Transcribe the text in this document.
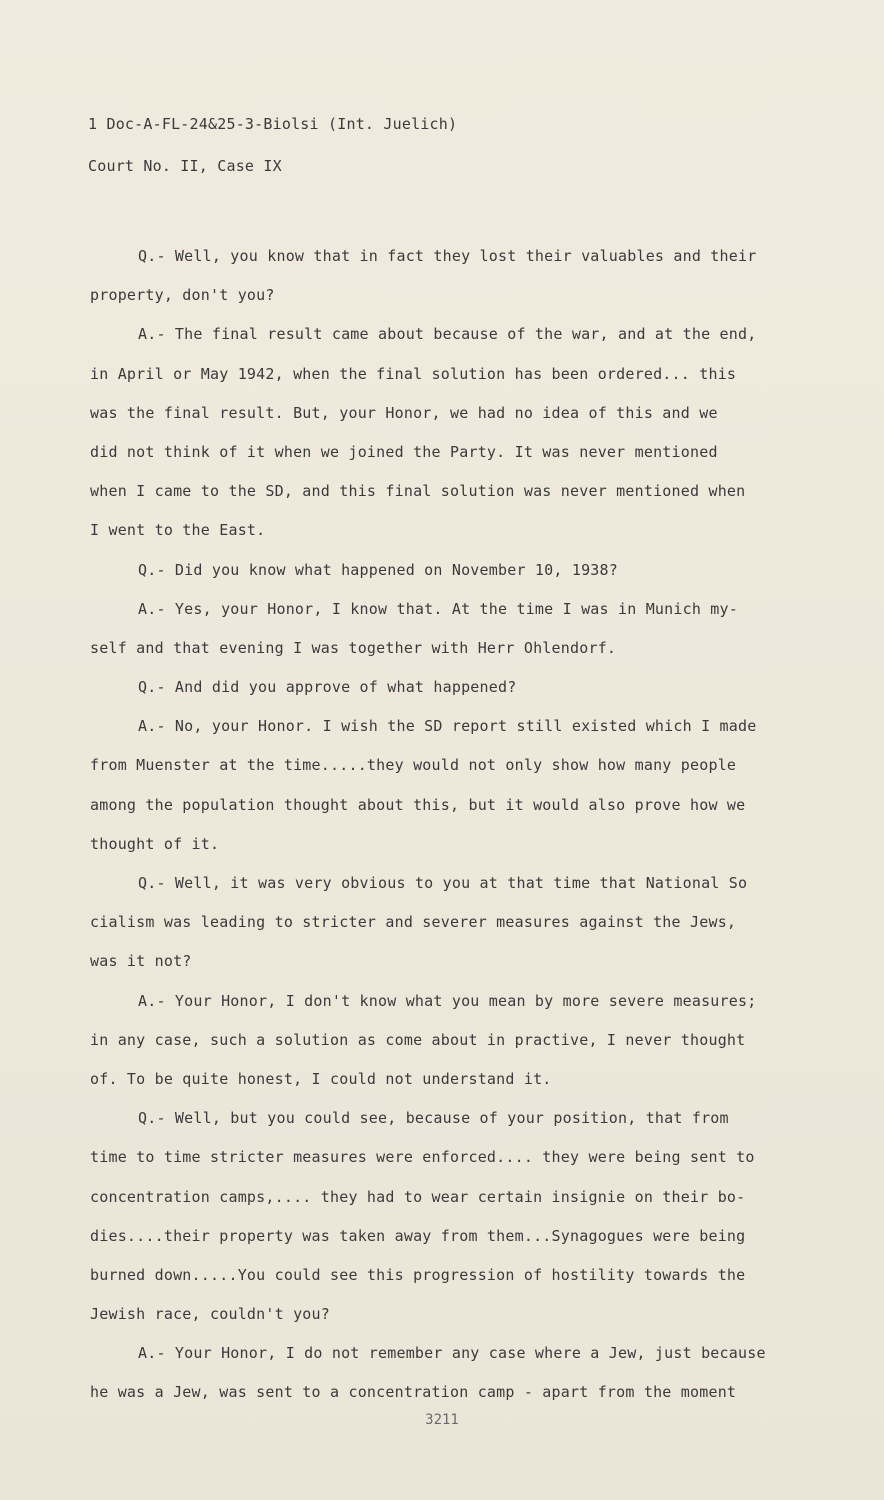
1 Doc-A-FL-24&25-3-Biolsi (Int. Juelich)
Court No. II, Case IX
Q.- Well, you know that in fact they lost their valuables and their
property, don't you?
A.- The final result came about because of the war, and at the end,
in April or May 1942, when the final solution has been ordered... this
was the final result. But, your Honor, we had no idea of this and we
did not think of it when we joined the Party. It was never mentioned
when I came to the SD, and this final solution was never mentioned when
I went to the East.
Q.- Did you know what happened on November 10, 1938?
A.- Yes, your Honor, I know that. At the time I was in Munich my-
self and that evening I was together with Herr Ohlendorf.
Q.- And did you approve of what happened?
A.- No, your Honor. I wish the SD report still existed which I made
from Muenster at the time.....they would not only show how many people
among the population thought about this, but it would also prove how we
thought of it.
Q.- Well, it was very obvious to you at that time that National So
cialism was leading to stricter and severer measures against the Jews,
was it not?
A.- Your Honor, I don't know what you mean by more severe measures;
in any case, such a solution as come about in practive, I never thought
of. To be quite honest, I could not understand it.
Q.- Well, but you could see, because of your position, that from
time to time stricter measures were enforced.... they were being sent to
concentration camps,.... they had to wear certain insignie on their bo-
dies....their property was taken away from them...Synagogues were being
burned down.....You could see this progression of hostility towards the
Jewish race, couldn't you?
A.- Your Honor, I do not remember any case where a Jew, just because
he was a Jew, was sent to a concentration camp - apart from the moment
3211
